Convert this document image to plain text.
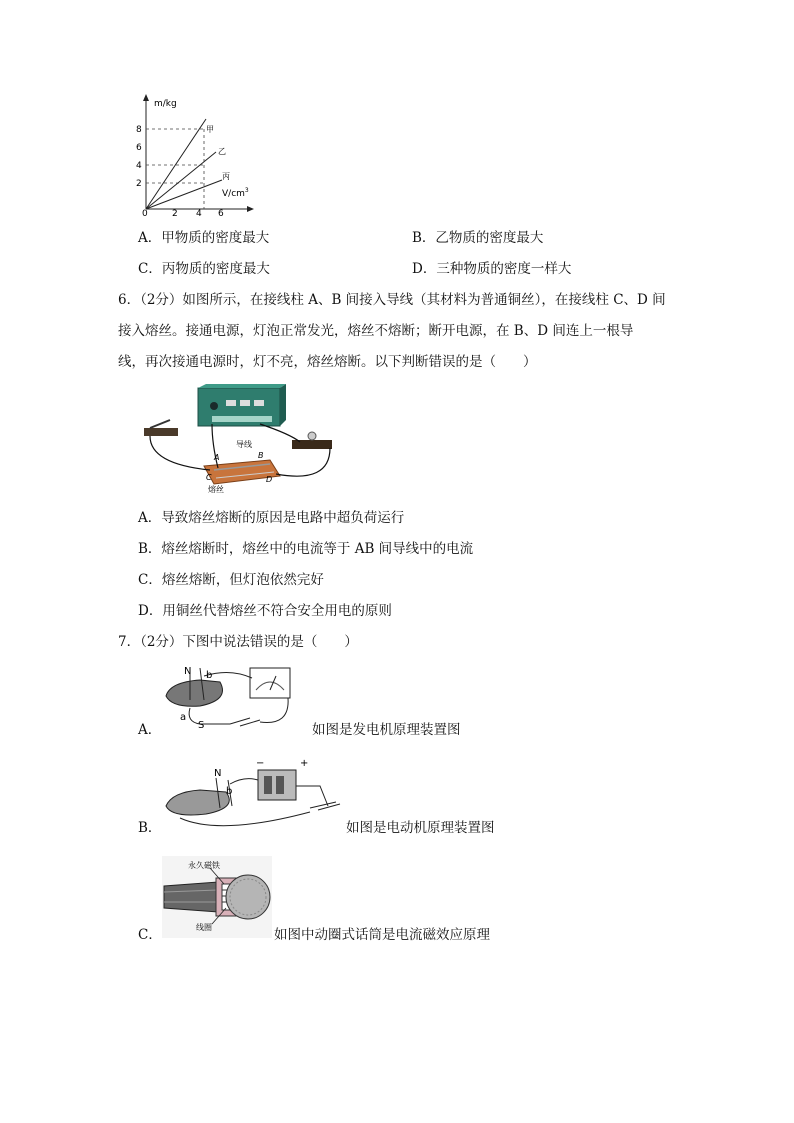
m/kg
8
6
4
2
0	2 4 6
甲
乙
丙
$V/cm^3$
A．甲物质的密度最大	B．乙物质的密度最大
C．丙物质的密度最大	D．三种物质的密度一样大
6．（2分）如图所示，在接线柱 A、B 间接入导线（其材料为普通铜丝），在接线柱 C、D 间
接入熔丝。接通电源，灯泡正常发光，熔丝不熔断；断开电源，在 B、D 间连上一根导
线，再次接通电源时，灯不亮，熔丝熔断。以下判断错误的是（　　）
导线
A	B
C	D
熔丝
A．导致熔丝熔断的原因是电路中超负荷运行
B．熔丝熔断时，熔丝中的电流等于 AB 间导线中的电流
C．熔丝熔断，但灯泡依然完好
D．用铜丝代替熔丝不符合安全用电的原则
7．（2分）下图中说法错误的是（　　）
N b
a
S
A．	如图是发电机原理装置图
N
b
−	+
B．	如图是电动机原理装置图
永久磁铁
线圈
C．	如图中动圈式话筒是电流磁效应原理
